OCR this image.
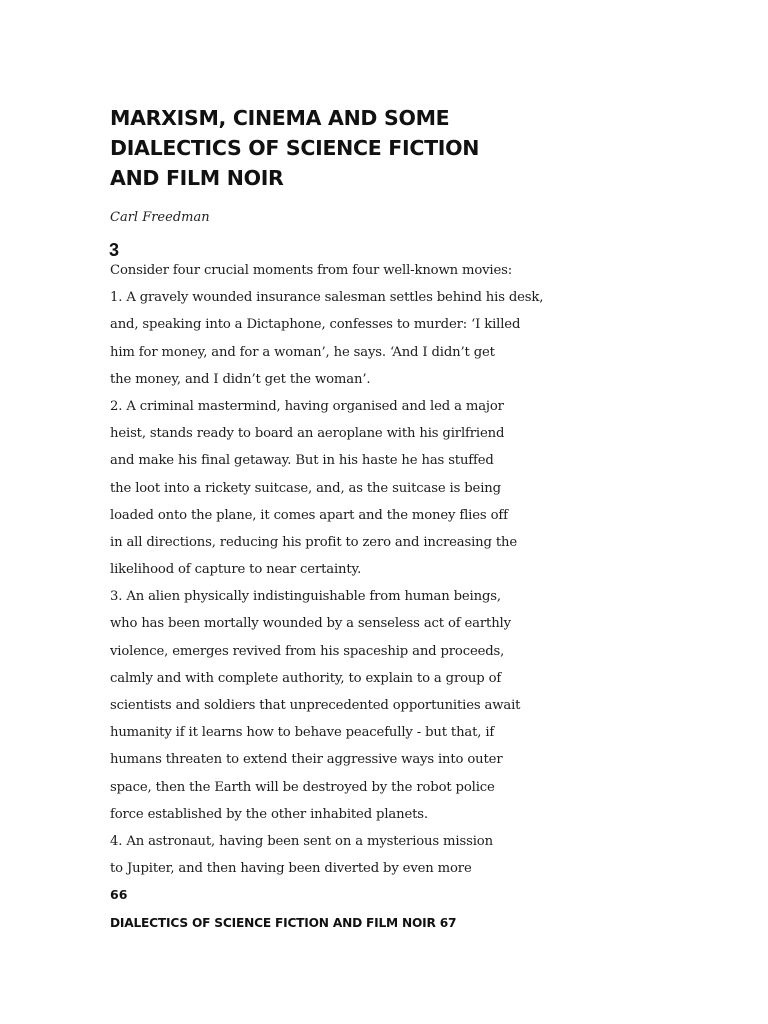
MARXISM, CINEMA AND SOME
DIALECTICS OF SCIENCE FICTION
AND FILM NOIR

Carl Freedman

3

Consider four crucial moments from four well-known movies:
1. A gravely wounded insurance salesman settles behind his desk,
and, speaking into a Dictaphone, confesses to murder: ‘I killed
him for money, and for a woman’, he says. ‘And I didn’t get
the money, and I didn’t get the woman’.
2. A criminal mastermind, having organised and led a major
heist, stands ready to board an aeroplane with his girlfriend
and make his final getaway. But in his haste he has stuffed
the loot into a rickety suitcase, and, as the suitcase is being
loaded onto the plane, it comes apart and the money flies off
in all directions, reducing his profit to zero and increasing the
likelihood of capture to near certainty.
3. An alien physically indistinguishable from human beings,
who has been mortally wounded by a senseless act of earthly
violence, emerges revived from his spaceship and proceeds,
calmly and with complete authority, to explain to a group of
scientists and soldiers that unprecedented opportunities await
humanity if it learns how to behave peacefully - but that, if
humans threaten to extend their aggressive ways into outer
space, then the Earth will be destroyed by the robot police
force established by the other inhabited planets.
4. An astronaut, having been sent on a mysterious mission
to Jupiter, and then having been diverted by even more

66

DIALECTICS OF SCIENCE FICTION AND FILM NOIR 67
